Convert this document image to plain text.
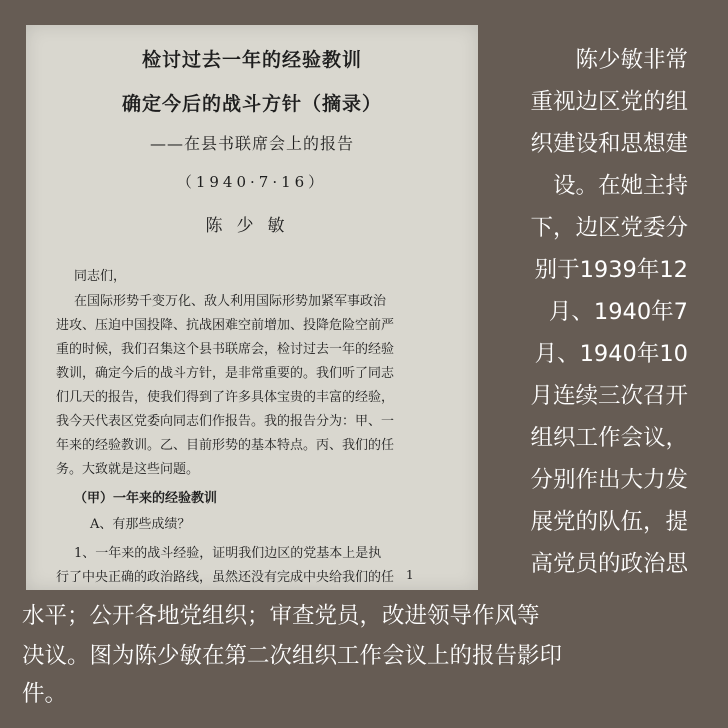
检讨过去一年的经验教训
确定今后的战斗方针（摘录）
——在县书联席会上的报告
（1940·7·16）
陈少敏
同志们，
在国际形势千变万化、敌人利用国际形势加紧军事政治
进攻、压迫中国投降、抗战困难空前增加、投降危险空前严
重的时候，我们召集这个县书联席会，检讨过去一年的经验
教训，确定今后的战斗方针，是非常重要的。我们听了同志
们几天的报告，使我们得到了许多具体宝贵的丰富的经验，
我今天代表区党委向同志们作报告。我的报告分为：甲、一
年来的经验教训。乙、目前形势的基本特点。丙、我们的任
务。大致就是这些问题。
（甲）一年来的经验教训
A、有那些成绩？
1、一年来的战斗经验，证明我们边区的党基本上是执
行了中央正确的政治路线，虽然还没有完成中央给我们的任 1
陈少敏非常
重视边区党的组
织建设和思想建
设。在她主持
下，边区党委分
别于1939年12
月、1940年7
月、1940年10
月连续三次召开
组织工作会议，
分别作出大力发
展党的队伍，提
高党员的政治思
水平；公开各地党组织；审查党员，改进领导作风等
决议。图为陈少敏在第二次组织工作会议上的报告影印
件。
